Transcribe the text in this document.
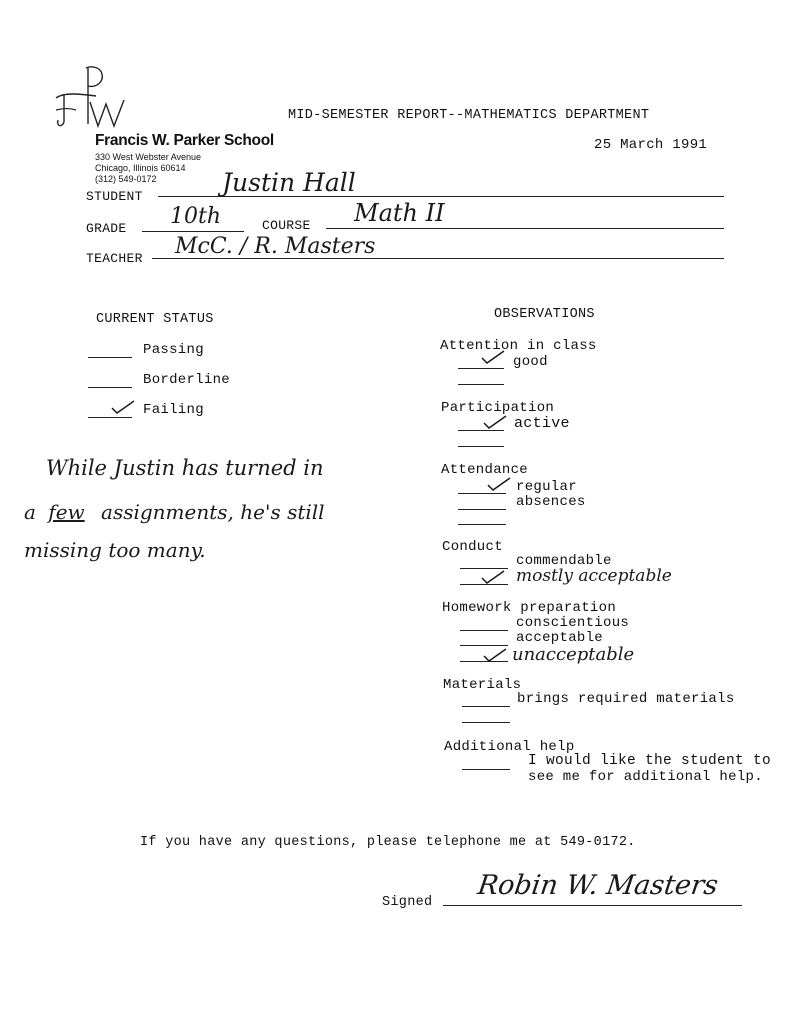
Francis W. Parker School
330 West Webster Avenue
Chicago, Illinois 60614
(312) 549-0172
MID-SEMESTER REPORT--MATHEMATICS DEPARTMENT
25 March 1991
STUDENT	Justin Hall
GRADE 10th	COURSE Math II
TEACHER McC. / R. Masters
CURRENT STATUS
Passing
Borderline
Failing
While Justin has turned in
a few assignments, he's still
missing too many.
OBSERVATIONS
Attention in class
good
Participation
active
Attendance
regular
absences
Conduct
commendable
mostly acceptable
Homework preparation
conscientious
acceptable
unacceptable
Materials
brings required materials
Additional help
I would like the student to
see me for additional help.
If you have any questions, please telephone me at 549-0172.
Signed
Robin W. Masters
